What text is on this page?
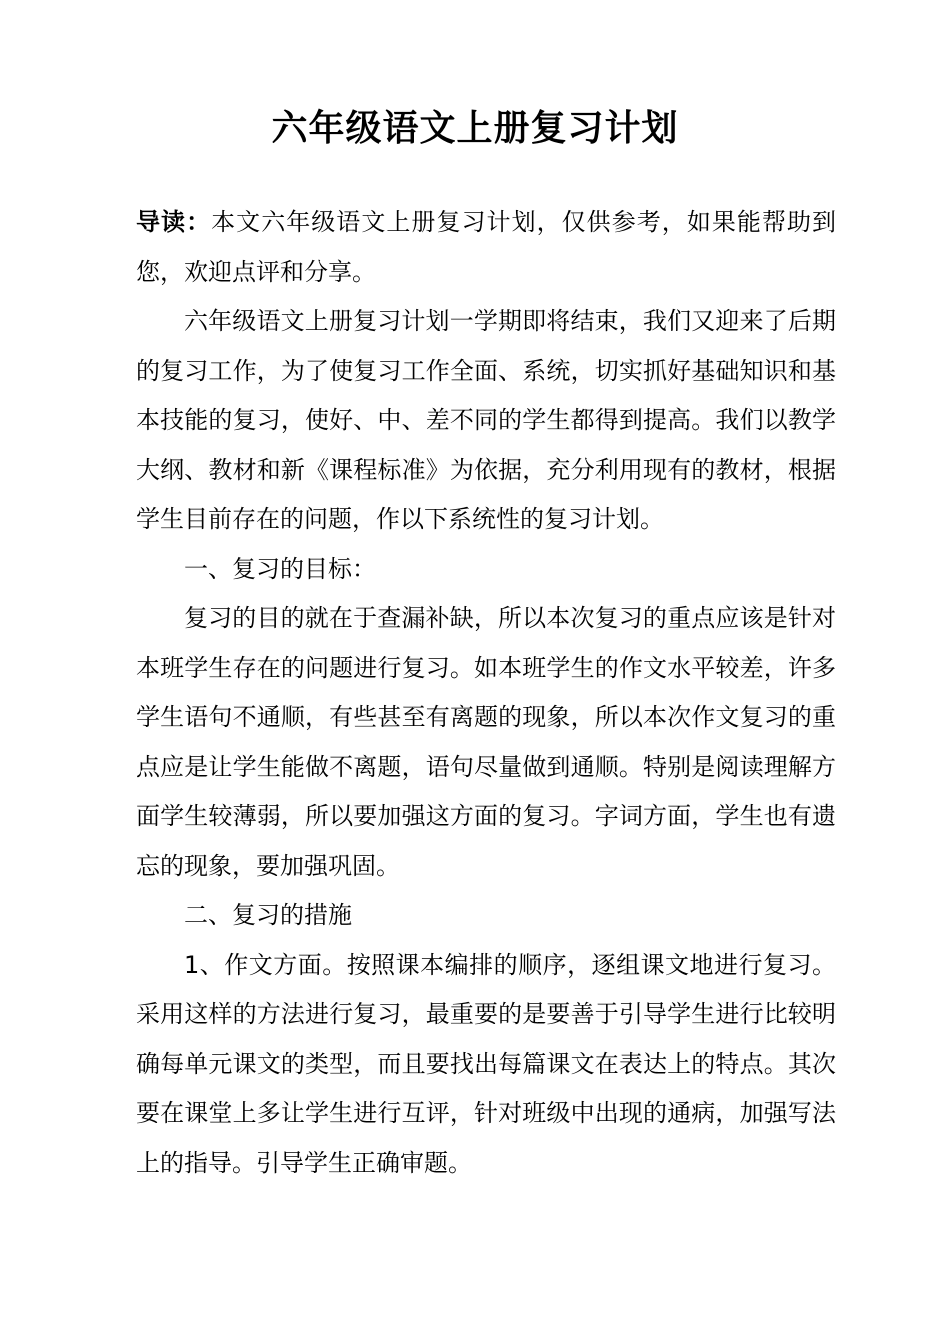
六年级语文上册复习计划

导读：本文六年级语文上册复习计划，仅供参考，如果能帮助到您，欢迎点评和分享。

六年级语文上册复习计划一学期即将结束，我们又迎来了后期的复习工作，为了使复习工作全面、系统，切实抓好基础知识和基本技能的复习，使好、中、差不同的学生都得到提高。我们以教学大纲、教材和新《课程标准》为依据，充分利用现有的教材，根据学生目前存在的问题，作以下系统性的复习计划。

一、复习的目标：

复习的目的就在于查漏补缺，所以本次复习的重点应该是针对本班学生存在的问题进行复习。如本班学生的作文水平较差，许多学生语句不通顺，有些甚至有离题的现象，所以本次作文复习的重点应是让学生能做不离题，语句尽量做到通顺。特别是阅读理解方面学生较薄弱，所以要加强这方面的复习。字词方面，学生也有遗忘的现象，要加强巩固。

二、复习的措施

1、作文方面。按照课本编排的顺序，逐组课文地进行复习。采用这样的方法进行复习，最重要的是要善于引导学生进行比较明确每单元课文的类型，而且要找出每篇课文在表达上的特点。其次要在课堂上多让学生进行互评，针对班级中出现的通病，加强写法上的指导。引导学生正确审题。
